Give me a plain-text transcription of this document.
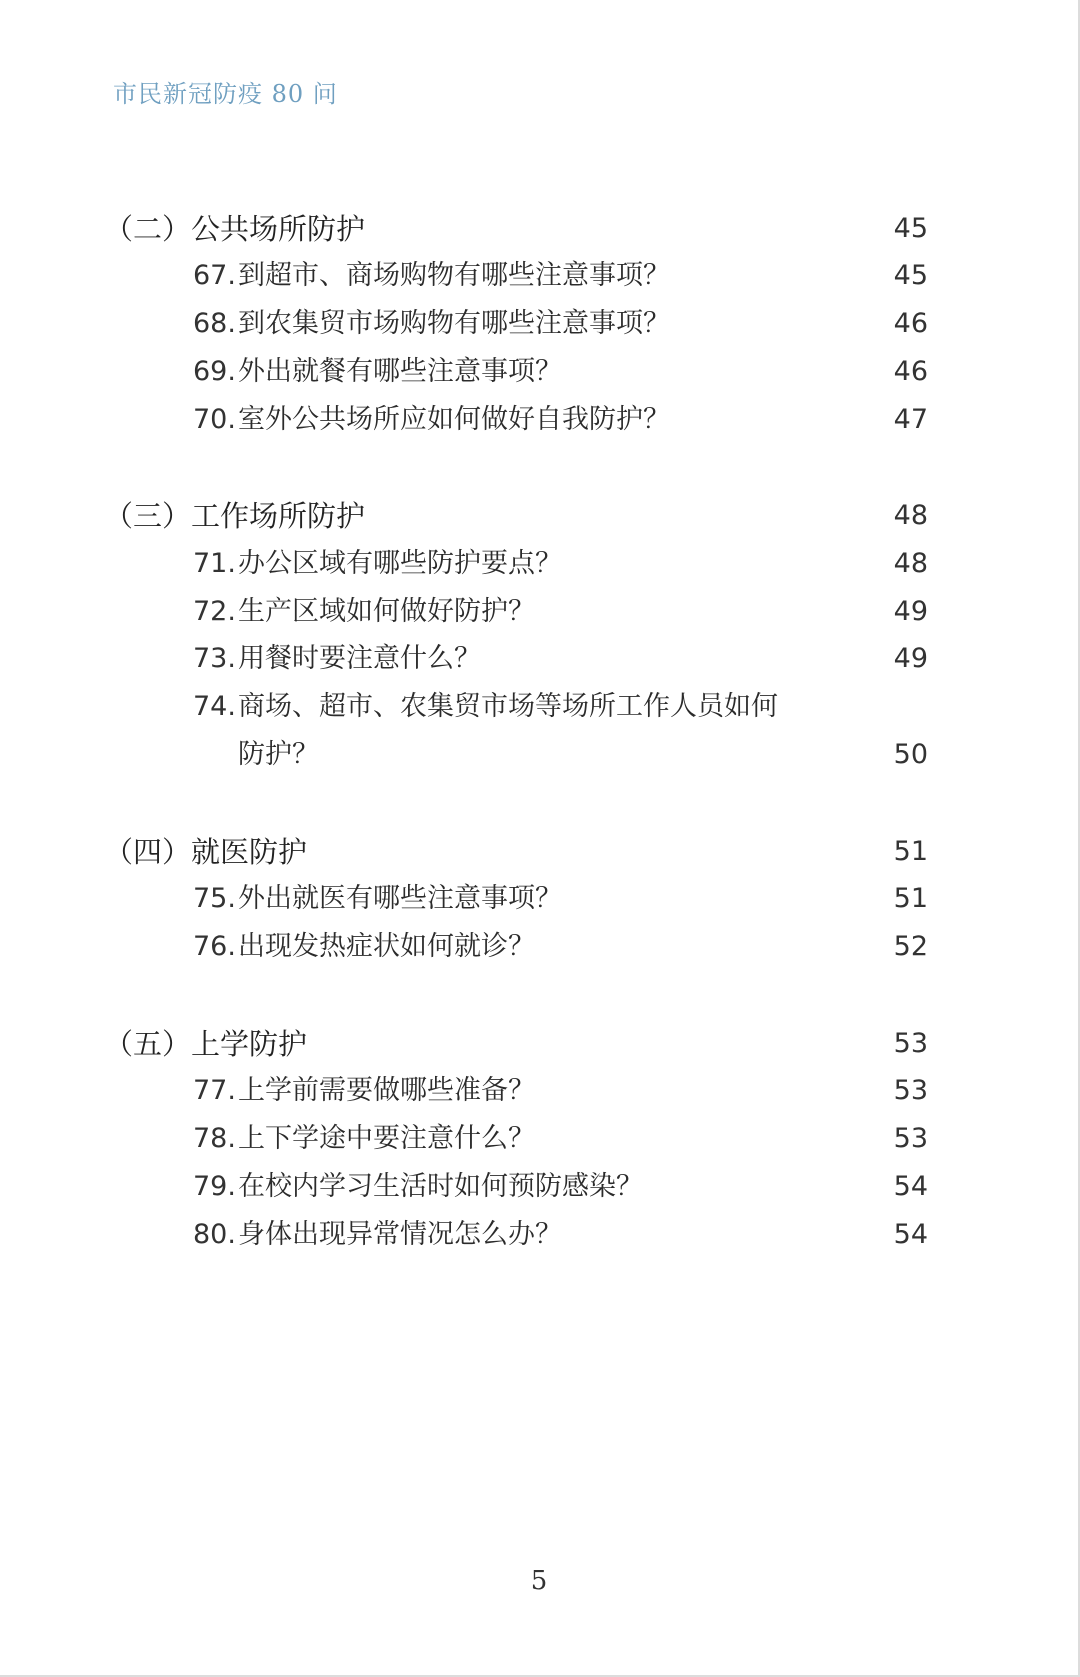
市民新冠防疫 80 问
（二）公共场所防护	45
67.到超市、商场购物有哪些注意事项？	45
68.到农集贸市场购物有哪些注意事项？	46
69.外出就餐有哪些注意事项？	46
70.室外公共场所应如何做好自我防护？	47
（三）工作场所防护	48
71.办公区域有哪些防护要点？	48
72.生产区域如何做好防护？	49
73.用餐时要注意什么？	49
74.商场、超市、农集贸市场等场所工作人员如何
防护？	50
（四）就医防护	51
75.外出就医有哪些注意事项？	51
76.出现发热症状如何就诊？	52
（五）上学防护	53
77.上学前需要做哪些准备？	53
78.上下学途中要注意什么？	53
79.在校内学习生活时如何预防感染？	54
80.身体出现异常情况怎么办？	54
5
